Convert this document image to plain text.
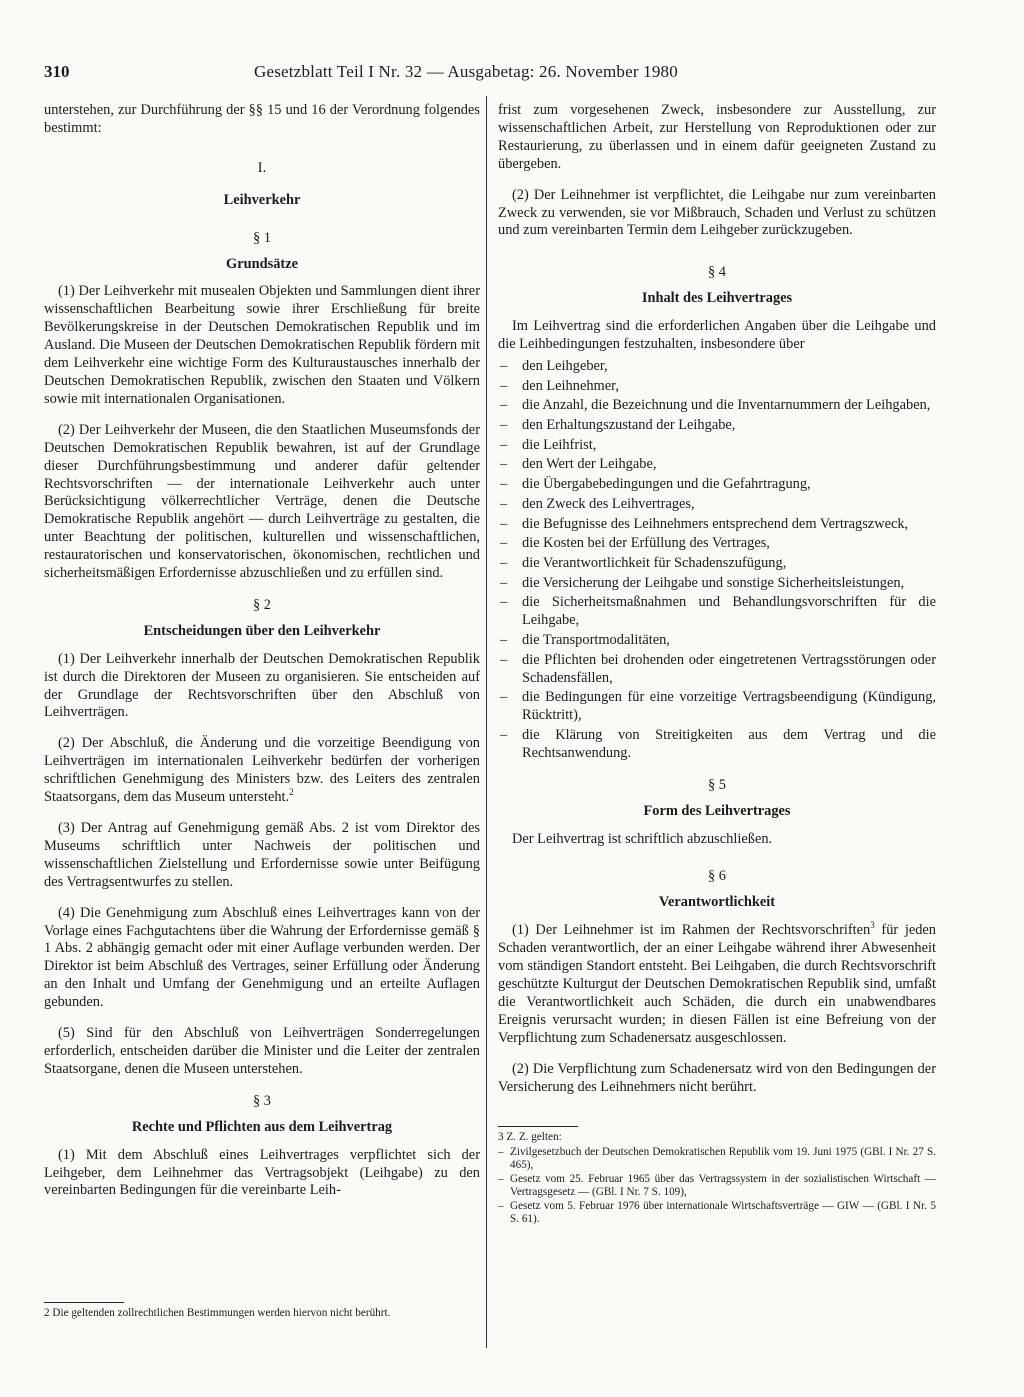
310	Gesetzblatt Teil I Nr. 32 — Ausgabetag: 26. November 1980

unterstehen, zur Durchführung der §§ 15 und 16 der Verordnung folgendes bestimmt:

I.
Leihverkehr
§ 1
Grundsätze

(1) Der Leihverkehr mit musealen Objekten und Sammlungen dient ihrer wissenschaftlichen Bearbeitung sowie ihrer Erschließung für breite Bevölkerungskreise in der Deutschen Demokratischen Republik und im Ausland. Die Museen der Deutschen Demokratischen Republik fördern mit dem Leihverkehr eine wichtige Form des Kulturaustausches innerhalb der Deutschen Demokratischen Republik, zwischen den Staaten und Völkern sowie mit internationalen Organisationen.

(2) Der Leihverkehr der Museen, die den Staatlichen Museumsfonds der Deutschen Demokratischen Republik bewahren, ist auf der Grundlage dieser Durchführungsbestimmung und anderer dafür geltender Rechtsvorschriften — der internationale Leihverkehr auch unter Berücksichtigung völkerrechtlicher Verträge, denen die Deutsche Demokratische Republik angehört — durch Leihverträge zu gestalten, die unter Beachtung der politischen, kulturellen und wissenschaftlichen, restauratorischen und konservatorischen, ökonomischen, rechtlichen und sicherheitsmäßigen Erfordernisse abzuschließen und zu erfüllen sind.

§ 2
Entscheidungen über den Leihverkehr

(1) Der Leihverkehr innerhalb der Deutschen Demokratischen Republik ist durch die Direktoren der Museen zu organisieren. Sie entscheiden auf der Grundlage der Rechtsvorschriften über den Abschluß von Leihverträgen.

(2) Der Abschluß, die Änderung und die vorzeitige Beendigung von Leihverträgen im internationalen Leihverkehr bedürfen der vorherigen schriftlichen Genehmigung des Ministers bzw. des Leiters des zentralen Staatsorgans, dem das Museum untersteht.$^2$

(3) Der Antrag auf Genehmigung gemäß Abs. 2 ist vom Direktor des Museums schriftlich unter Nachweis der politischen und wissenschaftlichen Zielstellung und Erfordernisse sowie unter Beifügung des Vertragsentwurfes zu stellen.

(4) Die Genehmigung zum Abschluß eines Leihvertrages kann von der Vorlage eines Fachgutachtens über die Wahrung der Erfordernisse gemäß § 1 Abs. 2 abhängig gemacht oder mit einer Auflage verbunden werden. Der Direktor ist beim Abschluß des Vertrages, seiner Erfüllung oder Änderung an den Inhalt und Umfang der Genehmigung und an erteilte Auflagen gebunden.

(5) Sind für den Abschluß von Leihverträgen Sonderregelungen erforderlich, entscheiden darüber die Minister und die Leiter der zentralen Staatsorgane, denen die Museen unterstehen.

§ 3
Rechte und Pflichten aus dem Leihvertrag

(1) Mit dem Abschluß eines Leihvertrages verpflichtet sich der Leihgeber, dem Leihnehmer das Vertragsobjekt (Leihgabe) zu den vereinbarten Bedingungen für die vereinbarte Leih-

2 Die geltenden zollrechtlichen Bestimmungen werden hiervon nicht berührt.

frist zum vorgesehenen Zweck, insbesondere zur Ausstellung, zur wissenschaftlichen Arbeit, zur Herstellung von Reproduktionen oder zur Restaurierung, zu überlassen und in einem dafür geeigneten Zustand zu übergeben.

(2) Der Leihnehmer ist verpflichtet, die Leihgabe nur zum vereinbarten Zweck zu verwenden, sie vor Mißbrauch, Schaden und Verlust zu schützen und zum vereinbarten Termin dem Leihgeber zurückzugeben.

§ 4
Inhalt des Leihvertrages

Im Leihvertrag sind die erforderlichen Angaben über die Leihgabe und die Leihbedingungen festzuhalten, insbesondere über

– den Leihgeber,
– den Leihnehmer,
– die Anzahl, die Bezeichnung und die Inventarnummern der Leihgaben,
– den Erhaltungszustand der Leihgabe,
– die Leihfrist,
– den Wert der Leihgabe,
– die Übergabebedingungen und die Gefahrtragung,
– den Zweck des Leihvertrages,
– die Befugnisse des Leihnehmers entsprechend dem Vertragszweck,
– die Kosten bei der Erfüllung des Vertrages,
– die Verantwortlichkeit für Schadenszufügung,
– die Versicherung der Leihgabe und sonstige Sicherheitsleistungen,
– die Sicherheitsmaßnahmen und Behandlungsvorschriften für die Leihgabe,
– die Transportmodalitäten,
– die Pflichten bei drohenden oder eingetretenen Vertragsstörungen oder Schadensfällen,
– die Bedingungen für eine vorzeitige Vertragsbeendigung (Kündigung, Rücktritt),
– die Klärung von Streitigkeiten aus dem Vertrag und die Rechtsanwendung.
§ 5
Form des Leihvertrages

Der Leihvertrag ist schriftlich abzuschließen.

§ 6
Verantwortlichkeit

(1) Der Leihnehmer ist im Rahmen der Rechtsvorschriften$^3$ für jeden Schaden verantwortlich, der an einer Leihgabe während ihrer Abwesenheit vom ständigen Standort entsteht. Bei Leihgaben, die durch Rechtsvorschrift geschützte Kulturgut der Deutschen Demokratischen Republik sind, umfaßt die Verantwortlichkeit auch Schäden, die durch ein unabwendbares Ereignis verursacht wurden; in diesen Fällen ist eine Befreiung von der Verpflichtung zum Schadenersatz ausgeschlossen.

(2) Die Verpflichtung zum Schadenersatz wird von den Bedingungen der Versicherung des Leihnehmers nicht berührt.

3 Z. Z. gelten:
– Zivilgesetzbuch der Deutschen Demokratischen Republik vom 19. Juni 1975 (GBl. I Nr. 27 S. 465),
– Gesetz vom 25. Februar 1965 über das Vertragssystem in der sozialistischen Wirtschaft — Vertragsgesetz — (GBl. I Nr. 7 S. 109),
– Gesetz vom 5. Februar 1976 über internationale Wirtschaftsverträge — GIW — (GBl. I Nr. 5 S. 61).
